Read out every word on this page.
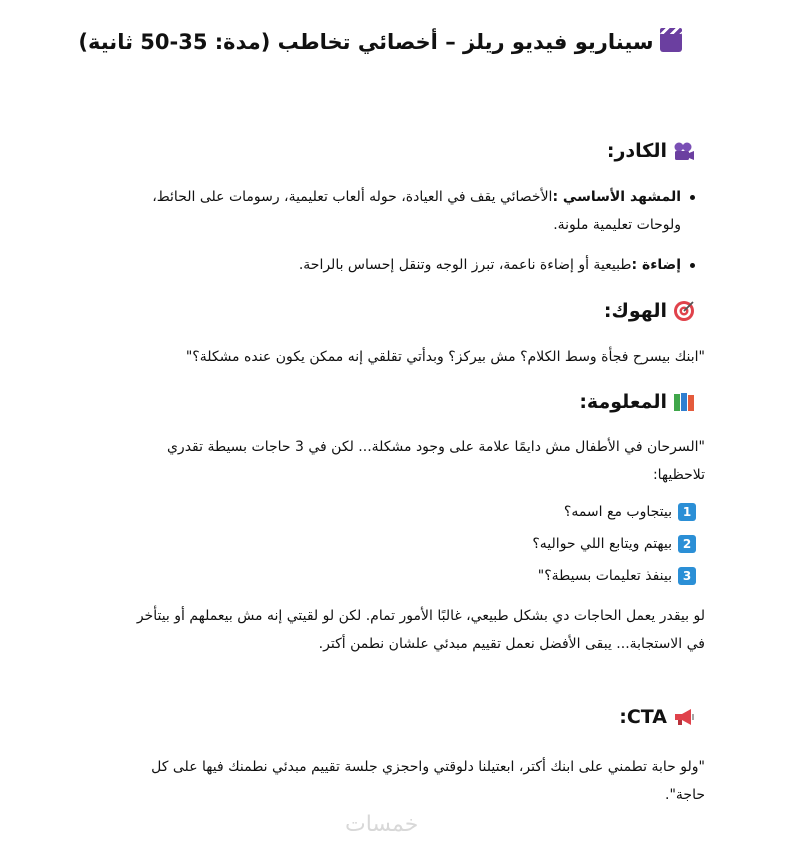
سيناريو فيديو ريلز – أخصائي تخاطب (مدة: 35-50 ثانية)
الكادر:
المشهد الأساسي :الأخصائي يقف في العيادة، حوله ألعاب تعليمية، رسومات على الحائط، ولوحات تعليمية ملونة.
إضاءة :طبيعية أو إضاءة ناعمة، تبرز الوجه وتنقل إحساس بالراحة.
الهوك:
"ابنك بيسرح فجأة وسط الكلام؟ مش بيركز؟ وبدأتي تقلقي إنه ممكن يكون عنده مشكلة؟"
المعلومة:
"السرحان في الأطفال مش دايمًا علامة على وجود مشكلة... لكن في 3 حاجات بسيطة تقدري تلاحظيها:
1
بيتجاوب مع اسمه؟
2
بيهتم ويتابع اللي حواليه؟
3
بينفذ تعليمات بسيطة؟"
لو بيقدر يعمل الحاجات دي بشكل طبيعي، غالبًا الأمور تمام. لكن لو لقيتي إنه مش بيعملهم أو بيتأخر في الاستجابة... يبقى الأفضل نعمل تقييم مبدئي علشان نطمن أكتر.
CTA:
"ولو حابة تطمني على ابنك أكتر، ابعتيلنا دلوقتي واحجزي جلسة تقييم مبدئي نطمنك فيها على كل حاجة".
خمسات
